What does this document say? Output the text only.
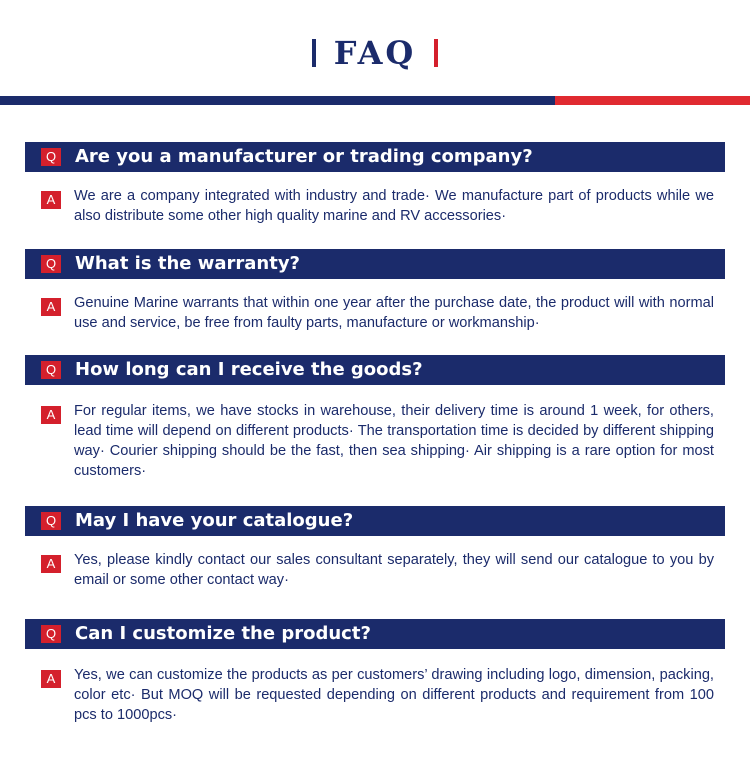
FAQ
Q Are you a manufacturer or trading company?
A	We are a company integrated with industry and trade· We manufacture part of products while we also distribute some other high quality marine and RV accessories·
Q What is the warranty?
A	Genuine Marine warrants that within one year after the purchase date, the product will with normal use and service, be free from faulty parts, manufacture or workmanship·
Q How long can I receive the goods?
A	For regular items, we have stocks in warehouse, their delivery time is around 1 week, for others, lead time will depend on different products· The transportation time is decided by different shipping way· Courier shipping should be the fast, then sea shipping· Air shipping is a rare option for most customers·
Q May I have your catalogue?
A	Yes, please kindly contact our sales consultant separately, they will send our catalogue to you by email or some other contact way·
Q Can I customize the product?
A	Yes, we can customize the products as per customers’ drawing including logo, dimension, packing, color etc· But MOQ will be requested depending on different products and requirement from 100 pcs to 1000pcs·
